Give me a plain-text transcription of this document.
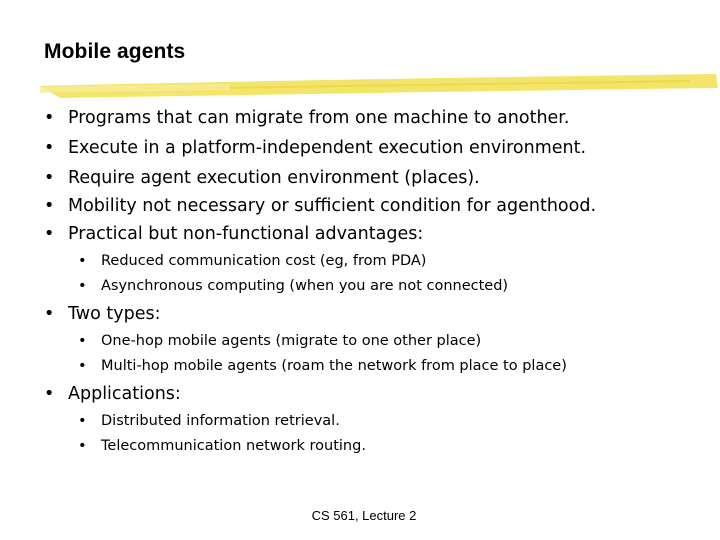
Mobile agents
• Programs that can migrate from one machine to another.
• Execute in a platform-independent execution environment.
• Require agent execution environment (places).
• Mobility not necessary or sufficient condition for agenthood.
• Practical but non-functional advantages:
• Reduced communication cost (eg, from PDA)
• Asynchronous computing (when you are not connected)
• Two types:
• One-hop mobile agents (migrate to one other place)
• Multi-hop mobile agents (roam the network from place to place)
• Applications:
• Distributed information retrieval.
• Telecommunication network routing.
CS 561, Lecture 2
